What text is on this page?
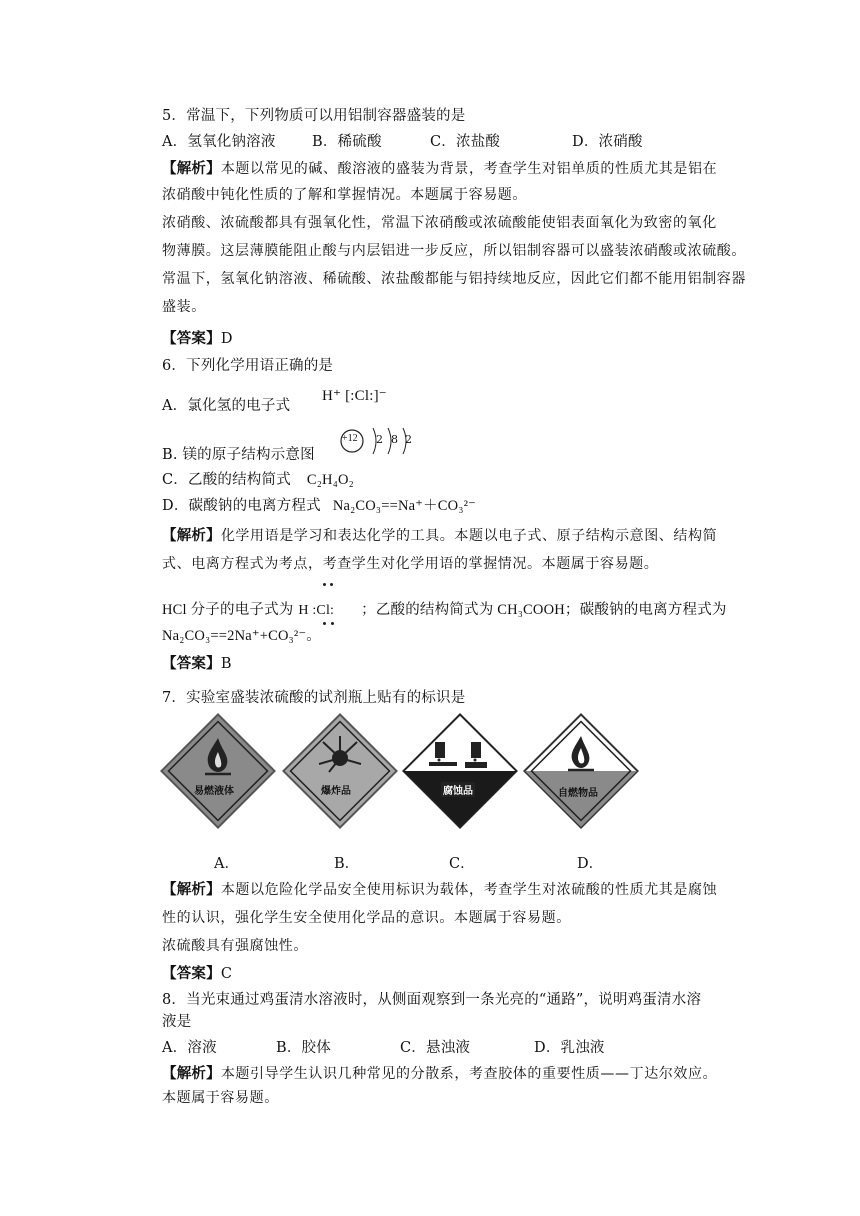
5．常温下，下列物质可以用铝制容器盛装的是
A．氢氧化钠溶液	B．稀硫酸	C．浓盐酸	D．浓硝酸
【解析】本题以常见的碱、酸溶液的盛装为背景，考查学生对铝单质的性质尤其是铝在
浓硝酸中钝化性质的了解和掌握情况。本题属于容易题。
浓硝酸、浓硫酸都具有强氧化性，常温下浓硝酸或浓硫酸能使铝表面氧化为致密的氧化
物薄膜。这层薄膜能阻止酸与内层铝进一步反应，所以铝制容器可以盛装浓硝酸或浓硫酸。
常温下，氢氧化钠溶液、稀硫酸、浓盐酸都能与铝持续地反应，因此它们都不能用铝制容器
盛装。
【答案】D
6．下列化学用语正确的是
A．氯化氢的电子式
H⁺ [:Cl:]⁻
B. 镁的原子结构示意图
+12 2 8 2
C．乙酸的结构简式 C₂H₄O₂
D．碳酸钠的电离方程式 Na₂CO₃==Na⁺＋CO₃²⁻
【解析】化学用语是学习和表达化学的工具。本题以电子式、原子结构示意图、结构简
式、电离方程式为考点，考查学生对化学用语的掌握情况。本题属于容易题。
HCl 分子的电子式为 H :Cl: ；乙酸的结构简式为 CH₃COOH；碳酸钠的电离方程式为
Na₂CO₃==2Na⁺+CO₃²⁻。
【答案】B
7．实验室盛装浓硫酸的试剂瓶上贴有的标识是
易燃液体	爆炸品	腐蚀品	自燃物品
A．	B．	C．	D．
【解析】本题以危险化学品安全使用标识为载体，考查学生对浓硫酸的性质尤其是腐蚀
性的认识，强化学生安全使用化学品的意识。本题属于容易题。
浓硫酸具有强腐蚀性。
【答案】C
8．当光束通过鸡蛋清水溶液时，从侧面观察到一条光亮的“通路”，说明鸡蛋清水溶
液是
A．溶液	B．胶体	C．悬浊液	D．乳浊液
【解析】本题引导学生认识几种常见的分散系，考查胶体的重要性质——丁达尔效应。
本题属于容易题。
